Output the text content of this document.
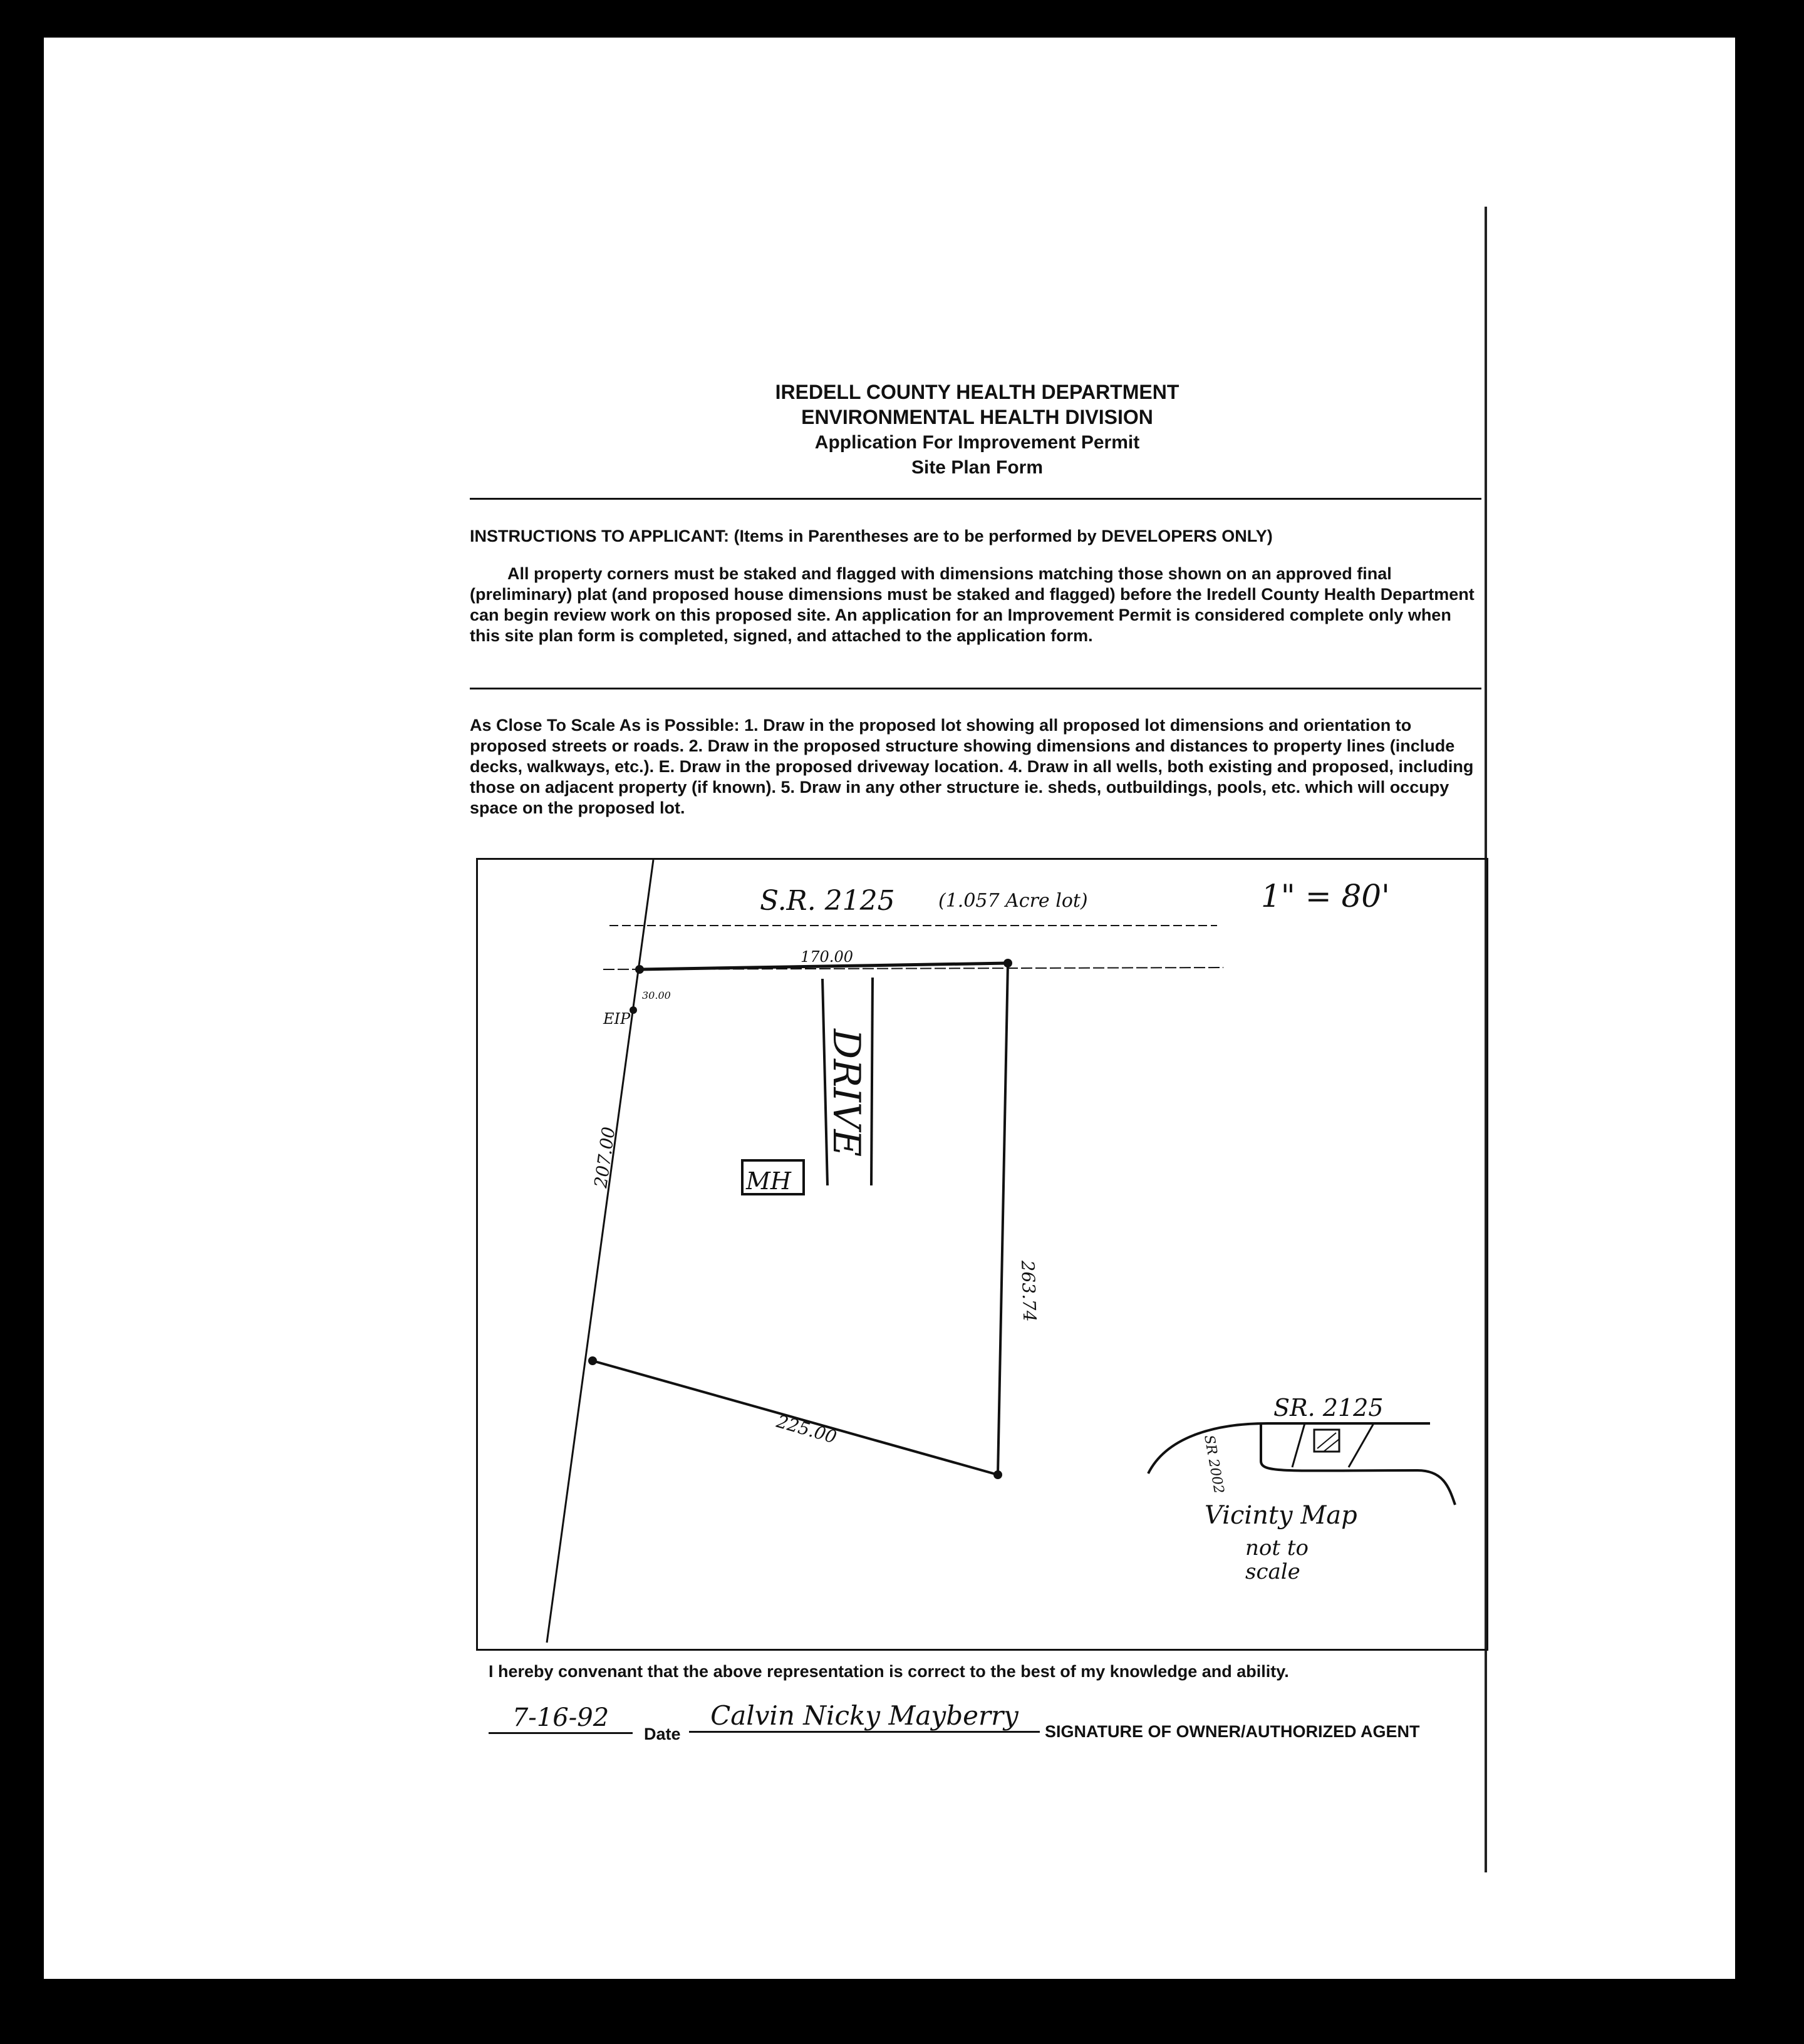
IREDELL COUNTY HEALTH DEPARTMENT
ENVIRONMENTAL HEALTH DIVISION
Application For Improvement Permit
Site Plan Form
INSTRUCTIONS TO APPLICANT: (Items in Parentheses are to be performed by DEVELOPERS ONLY)
All property corners must be staked and flagged with dimensions matching those shown on an approved final (preliminary) plat (and proposed house dimensions must be staked and flagged) before the Iredell County Health Department can begin review work on this proposed site. An application for an Improvement Permit is considered complete only when this site plan form is completed, signed, and attached to the application form.
As Close To Scale As is Possible: 1. Draw in the proposed lot showing all proposed lot dimensions and orientation to proposed streets or roads. 2. Draw in the proposed structure showing dimensions and distances to property lines (include decks, walkways, etc.). E. Draw in the proposed driveway location. 4. Draw in all wells, both existing and proposed, including those on adjacent property (if known). 5. Draw in any other structure ie. sheds, outbuildings, pools, etc. which will occupy space on the proposed lot.
S.R. 2125 (1.057 Acre lot)	1" = 80'
170.00
EIP
30.00
207.00
263.74
225.00
DRIVE
MH
SR. 2125
SR 2002
Vicinty Map
not to
scale
I hereby convenant that the above representation is correct to the best of my knowledge and ability.
7-16-92
Date
Calvin Nicky Mayberry
SIGNATURE OF OWNER/AUTHORIZED AGENT
